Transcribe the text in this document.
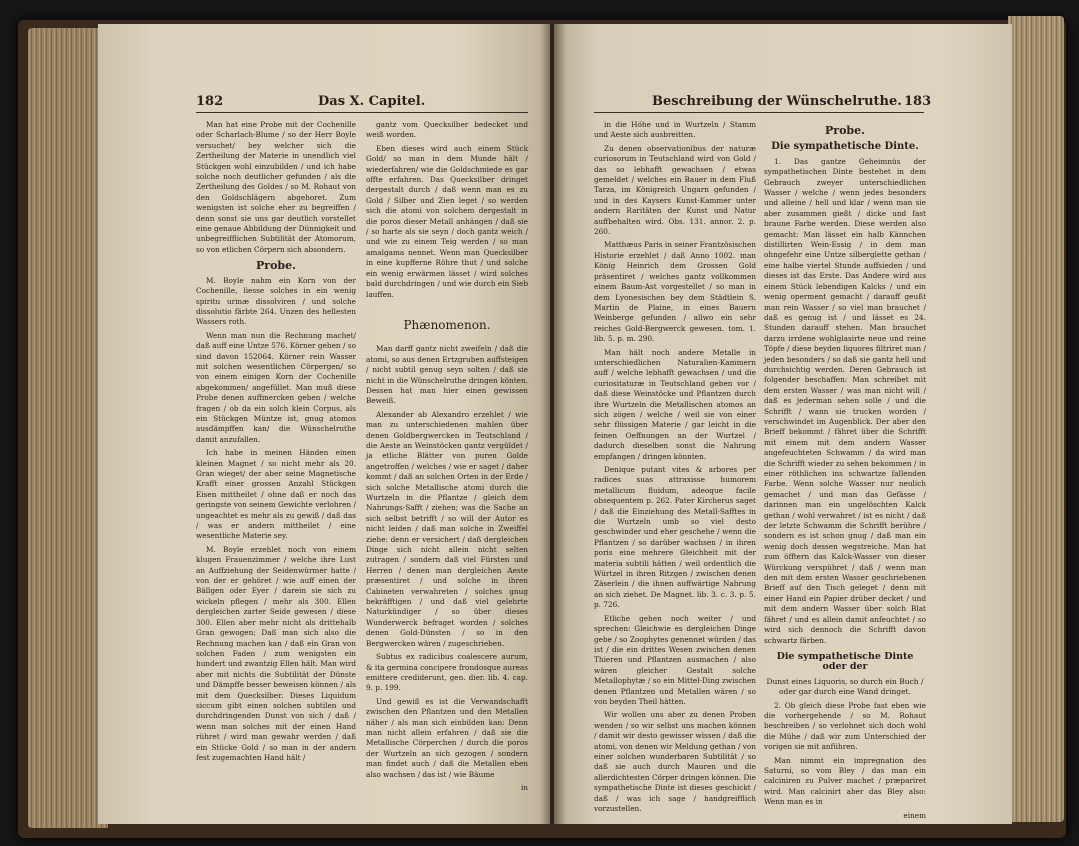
182	Das X. Capitel.

Man hat eine Probe mit der Cochenille oder Scharlach-Blume / so der Herr Boyle versuchet/ bey welcher sich die Zertheilung der Materie in unendlich viel Stückgen wohl einzubilden / und ich habe solche noch deutlicher gefunden / als die Zertheilung des Goldes / so M. Rohaut von den Goldschlägern abgehoret. Zum wenigsten ist solche eher zu begreiffen / denn sonst sie uns gar deutlich vorstellet eine genaue Abbildung der Dünnigkeit und unbegreifflichen Subtilität der Atomorum, so von etlichen Cörpern sich absondern.

Probe.

M. Boyle nahm ein Korn von der Cochenille, liesse solches in ein wenig spiritu urinæ dissolviren / und solche dissolutio färbte 264. Unzen des hellesten Wassers roth.

Wenn man nun die Rechnung machet/ daß auff eine Untze 576. Körner gehen / so sind davon 152064. Körner rein Wasser mit solchen wesentlichen Cörpergen/ so von einem einigen Korn der Cochenille abgekommen/ angefüllet. Man muß diese Probe denen auffmercken geben / welche fragen / ob da ein solch klein Corpus, als ein Stückgen Müntze ist, gnug atomos ausdämpffen kan/ die Wünschelruthe damit anzufallen.

Ich habe in meinen Händen einen kleinen Magnet / so nicht mehr als 20. Gran wieget/ der aber seine Magnetische Krafft einer grossen Anzahl Stückgen Eisen mittheilet / ohne daß er noch das geringste von seinem Gewichte verlohren / ungeachtet es mehr als zu gewiß / daß das / was er andern mittheilet / eine wesentliche Materie sey.

M. Boyle erzehlet noch von einem klugen Frauenzimmer / welche ihre Lust an Auffziehung der Seidenwürmer hatte / von der er gehöret / wie auff einen der Bällgen oder Eyer / darein sie sich zu wickeln pflegen / mehr als 300. Ellen dergleichen zarter Seide gewesen / diese 300. Ellen aber mehr nicht als drittehalb Gran gewogen; Daß man sich also die Rechnung machen kan / daß ein Gran von solchen Faden / zum wenigsten ein hundert und zwantzig Ellen hält. Man wird aber mit nichts die Subtilität der Dünste und Dämpffe besser beweisen können / als mit dem Quecksilber. Dieses Liquidum siccum gibt einen solchen subtilen und durchdringenden Dunst von sich / daß / wenn man solches mit der einen Hand rühret / wird man gewahr werden / daß ein Stücke Gold / so man in der andern fest zugemachten Hand hält /

gantz vom Quecksilber bedecket und weiß worden.

Eben dieses wird auch einem Stück Gold/ so man in dem Munde hält / wiederfahren/ wie die Goldschmiede es gar offte erfahren. Das Quecksilber dringet dergestalt durch / daß wenn man es zu Gold / Silber und Zien leget / so werden sich die atomi von solchem dergestalt in die poros dieser Metall anhängen / daß sie / so harte als sie seyn / doch gantz weich / und wie zu einem Teig werden / so man amalgama nennet. Wenn man Quecksilber in eine kupfferne Röhre thut / und solche ein wenig erwärmen lässet / wird solches bald durchdringen / und wie durch ein Sieb lauffen.

Phænomenon.

Man darff gantz nicht zweifeln / daß die atomi, so aus denen Ertzgruben auffsteigen / nicht subtil genug seyn solten / daß sie nicht in die Wünschelruthe dringen könten. Dessen hat man hier einen gewissen Beweiß.

Alexander ab Alexandro erzehlet / wie man zu unterschiedenen mahlen über denen Goldbergwercken in Teutschland / die Aeste an Weinstöcken gantz vergüldet / ja etliche Blätter von puren Golde angetroffen / welches / wie er saget / daher kommt / daß an solchen Orten in der Erde / sich solche Metallische atomi durch die Wurtzeln in die Pflantze / gleich dem Nahrungs-Safft / ziehen; was die Sache an sich selbst betrifft / so will der Autor es nicht leiden / daß man solche in Zweiffel ziehe: denn er versichert / daß dergleichen Dinge sich nicht allein nicht selten zutragen / sondern daß viel Fürsten und Herren / denen man dergleichen Aeste præsentiret / und solche in ihren Cabineten verwahreten / solches gnug bekräfftigen / und daß viel gelehrte Naturkündiger / so über dieses Wunderwerck befraget worden / solches denen Gold-Dünsten / so in den Bergwercken wären / zugeschrieben.

Subtus ex radicibus coalescere aurum, & ita germina concipere frondosque aureas emittere crediderunt, gen. dier. lib. 4. cap. 9. p. 199.

Und gewiß es ist die Verwandschafft zwischen den Pflantzen und den Metallen näher / als man sich einbilden kan: Denn man nicht allein erfahren / daß sie die Metallische Cörperchen / durch die poros der Wurtzeln an sich gezogen / sondern man findet auch / daß die Metallen eben also wachsen / das ist / wie Bäume

in
Beschreibung der Wünschelruthe. 183

in die Höhe und in Wurtzeln / Stamm und Aeste sich ausbreitten.

Zu denen observationibus der naturæ curiosorum in Teutschland wird von Gold / das so lebhafft gewachsen / etwas gemeldet / welches ein Bauer in dem Fluß Tarza, im Königreich Ungarn gefunden / und in des Kaysers Kunst-Kammer unter andern Raritäten der Kunst und Natur auffbehalten wird. Obs. 131. annor. 2. p. 260.

Matthæus Paris in seiner Frantzösischen Historie erzehlet / daß Anno 1002. man König Heinrich dem Grossen Gold präsentiret / welches gantz vollkommen einem Baum-Ast vorgestellet / so man in dem Lyonesischen bey dem Städtlein S. Martin de Plaine, in eines Bauern Weinberge gefunden / allwo ein sehr reiches Gold-Bergwerck gewesen. tom. 1. lib. 5. p. m. 290.

Man hält noch andere Metalle in unterschiedlichen Naturalien-Kammern auff / welche lebhafft gewachsen / und die curiositaturæ in Teutschland geben vor / daß diese Weinstöcke und Pflantzen durch ihre Wurtzeln die Metallischen atomos an sich zögen / welche / weil sie von einer sehr flüssigen Materie / gar leicht in die feinen Oeffnungen an der Wurtzel / dadurch dieselben sonst die Nahrung empfangen / dringen könnten.

Denique putant vites & arbores per radices suas attraxisse humorem metallicum fluidum, adeoque facile obsequentem p. 262. Pater Kircherus saget / daß die Einziehung des Metall-Safftes in die Wurtzeln umb so viel desto geschwinder und eher geschehe / wenn die Pflantzen / so darüber wachsen / in ihren poris eine mehrere Gleichheit mit der materia subtili hätten / weil ordentlich die Würtzel in ihren Ritzgen / zwischen denen Zäserlein / die ihnen auffwärtige Nahrung an sich ziehet. De Magnet. lib. 3. c. 3. p. 5. p. 726.

Etliche gehen noch weiter / und sprechen: Gleichwie es dergleichen Dinge gebe / so Zoophytes genennet würden / das ist / die ein drittes Wesen zwischen denen Thieren und Pflantzen ausmachen / also wären gleicher Gestalt solche Metallophytæ / so ein Mittel-Ding zwischen denen Pflantzen und Metallen wären / so von beyden Theil hätten.

Wir wollen uns aber zu denen Proben wenden / so wir selbst uns machen können / damit wir desto gewisser wissen / daß die atomi, von denen wir Meldung gethan / von einer solchen wunderbaren Subtilität / so daß sie auch durch Mauren und die allerdichtesten Cörper dringen können. Die sympathetische Dinte ist dieses geschickt / daß / was ich sage / handgreifflich vorzustellen.

Probe.
Die sympathetische Dinte.

1. Das gantze Geheimnüs der sympathetischen Dinte bestehet in dem Gebrauch zweyer unterschiedlichen Wasser / welche / wenn jedes besonders und alleine / hell und klar / wenn man sie aber zusammen gießt / dicke und fast braune Farbe werden. Diese werden also gemacht: Man lässet ein halb Kännchen distillirten Wein-Essig / in dem man ohngefehr eine Untze silberglette gethan / eine halbe viertel Stunde auffsieden / und dieses ist das Erste. Das Andere wird aus einem Stück lebendigen Kalcks / und ein wenig operment gemacht / darauff geußt man rein Wasser / so viel man brauchet / daß es genug ist / und lässet es 24. Stunden darauff stehen. Man brauchet darzu irrdene wohlglasirte neue und reine Töpfe / diese beyden liquores filtriret man / jeden besonders / so daß sie gantz hell und durchsichtig werden. Deren Gebrauch ist folgender beschaffen: Man schreibet mit dem ersten Wasser / was man nicht will / daß es jederman sehen solle / und die Schrifft / wann sie trucken worden / verschwindet im Augenblick. Der aber den Brieff bekommt / fähret über die Schrifft mit einem mit dem andern Wasser angefeuchteten Schwamm / da wird man die Schrifft wieder zu sehen bekommen / in einer röthlichen ins schwartze fallenden Farbe. Wenn solche Wasser nur neulich gemachet / und man das Gefässe / darinnen man ein ungelöschten Kalck gethan / wohl verwahret / ist es nicht / daß der letzte Schwamm die Schrifft berühre / sondern es ist schon gnug / daß man ein wenig doch dessen wegstreiche. Man hat zum öfftern das Kalck-Wasser von dieser Würckung verspühret / daß / wenn man den mit dem ersten Wasser geschriebenen Brieff auf den Tisch geleget / denn mit einer Hand ein Papier drüber decket / und mit dem andern Wasser über solch Blat fähret / und es allein damit anfeuchtet / so wird sich dennoch die Schrifft davon schwartz färben.

Die sympathetische Dinte oder der
Dunst eines Liquoris, so durch ein Buch / oder gar durch eine Wand dringet.

2. Ob gleich diese Probe fast eben wie die vorhergehende / so M. Rohaut beschreiben / so verlohnet sich doch wohl die Mühe / daß wir zum Unterschied der vorigen sie mit anführen.

Man nimmt ein impregnation des Saturni, so vom Bley / das man ein calciniren zu Pulver machet / præpariret wird. Man calcinirt aber das Bley also: Wenn man es in

einem
